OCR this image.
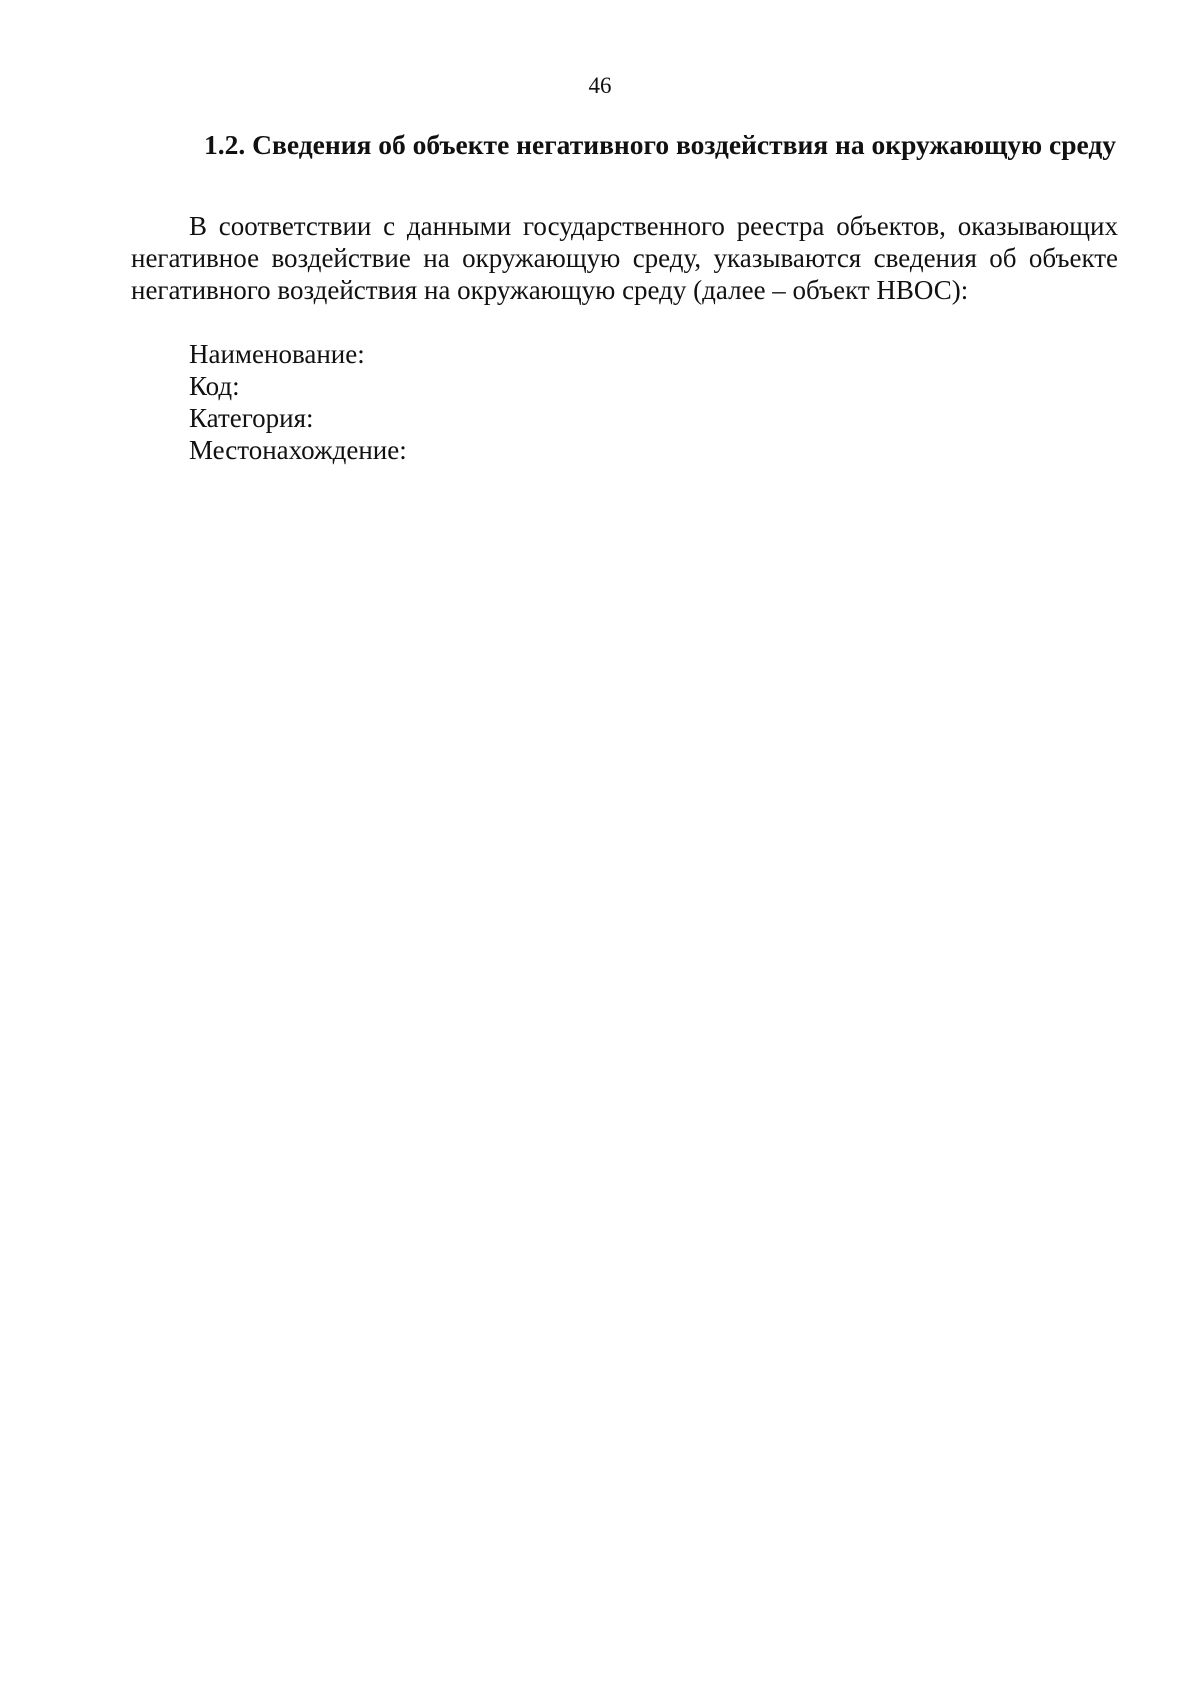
46
1.2. Сведения об объекте негативного воздействия на окружающую среду

В соответствии с данными государственного реестра объектов, оказывающих негативное воздействие на окружающую среду, указываются сведения об объекте негативного воздействия на окружающую среду (далее – объект НВОС):

Наименование:
Код:
Категория:
Местонахождение:
